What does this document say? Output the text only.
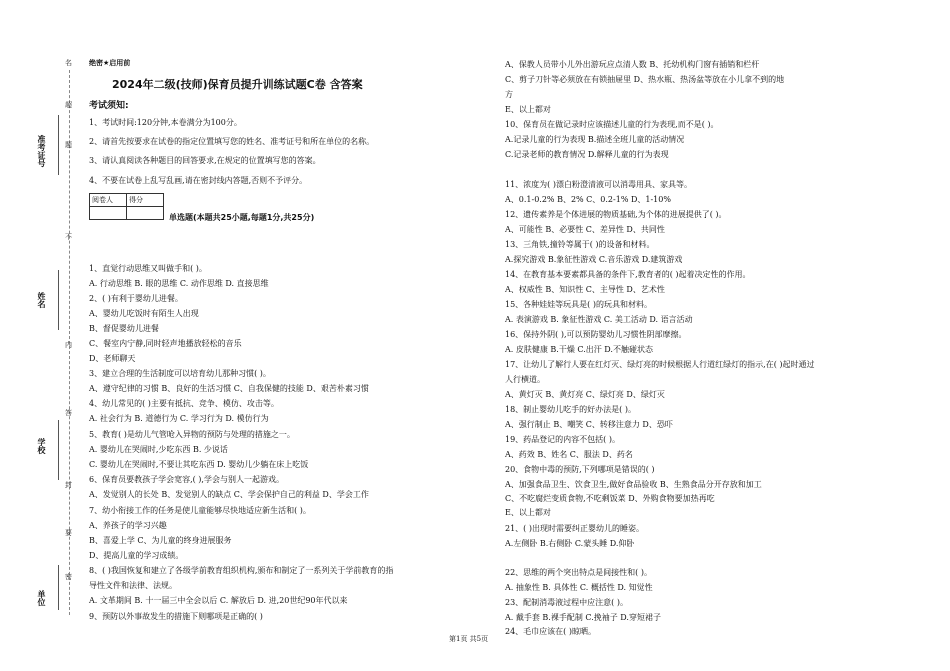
准考证号
姓名
学校
单位
名
超
不
内
封
密
题
答
要
绝密★启用前
2024年二级(技师)保育员提升训练试题C卷 含答案
考试须知:
1、考试时间:120分钟,本卷满分为100分。
2、请首先按要求在试卷的指定位置填写您的姓名、准考证号和所在单位的名称。
3、请认真阅读各种题目的回答要求,在规定的位置填写您的答案。
4、不要在试卷上乱写乱画,请在密封线内答题,否则不予评分。
阅卷人	得分

单选题(本题共25小题,每题1分,共25分)
1、直觉行动思维又叫做手和( )。
A. 行动思维 B. 眼的思维 C. 动作思维 D. 直接思维
2、( )有利于婴幼儿进餐。
A、婴幼儿吃饭时有陌生人出现
B、督促婴幼儿进餐
C、餐室内宁静,同时轻声地播放轻松的音乐
D、老师聊天
3、建立合理的生活制度可以培育幼儿那种习惯( )。
A、遵守纪律的习惯 B、良好的生活习惯 C、自我保健的技能 D、艰苦朴素习惯
4、幼儿常见的( )主要有抵抗、竞争、模仿、攻击等。
A. 社会行为 B. 道德行为 C. 学习行为 D. 模仿行为
5、教育( )是幼儿气管呛入异物的预防与处理的措施之一。
A. 婴幼儿在哭闹时,少吃东西 B. 少说话
C. 婴幼儿在哭闹时,不要让其吃东西 D. 婴幼儿少躺在床上吃饭
6、保育员要教孩子学会宽容,( ),学会与别人一起游戏。
A、发觉别人的长处 B、发觉别人的缺点 C、学会保护自己的利益 D、学会工作
7、幼小衔接工作的任务是使儿童能够尽快地适应新生活和( )。
A、养孩子的学习兴趣
B、喜爱上学 C、为儿童的终身进展服务
D、提高儿童的学习成绩。
8、( )我国恢复和建立了各级学前教育组织机构,颁布和制定了一系列关于学前教育的指
导性文件和法律、法规。
A. 文革期间 B. 十一届三中全会以后 C. 解放后 D. 进,20世纪90年代以来
9、预防以外事故发生的措施下则哪项是正确的( )
A、保教人员带小儿外出游玩应点清人数 B、托幼机构门窗有插销和栏杆
C、剪子刀针等必须放在有锁抽屉里 D、热水瓶、热汤盆等放在小儿拿不到的地
方
E、以上都对
10、保育员在做记录时应该描述儿童的行为表现,而不是( )。
A.记录儿童的行为表现 B.描述全班儿童的活动情况
C.记录老师的教育情况 D.解释儿童的行为表现
11、浓度为( )漂白粉澄清液可以消毒用具、家具等。
A、0.1-0.2% B、2% C、0.2-1% D、1-10%
12、遗传素养是个体进展的物质基础,为个体的进展提供了( )。
A、可能性 B、必要性 C、差异性 D、共同性
13、三角铁,撞铃等属于( )的设备和材料。
A.探究游戏 B.象征性游戏 C.音乐游戏 D.建筑游戏
14、在教育基本要素都具备的条件下,教育者的( )起着决定性的作用。
A、权威性 B、知识性 C、主导性 D、艺术性
15、各种娃娃等玩具是( )的玩具和材料。
A. 表演游戏 B. 象征性游戏 C. 美工活动 D. 语言活动
16、保持外阴( ),可以预防婴幼儿习惯性阴部摩擦。
A. 皮肤健康 B.干燥 C.出汗 D.不触碰状态
17、让幼儿了解行人要在红灯灭、绿灯亮的时候根据人行道红绿灯的指示,在( )起时通过
人行横道。
A、黄灯灭 B、黄灯亮 C、绿灯亮 D、绿灯灭
18、制止婴幼儿吃手的好办法是( )。
A、强行制止 B、嘲笑 C、转移注意力 D、恐吓
19、药品登记的内容不包括( )。
A、药效 B、姓名 C、服法 D、药名
20、食物中毒的预防,下列哪项是错误的( )
A、加强食品卫生、饮食卫生,做好食品验收 B、生熟食品分开存放和加工
C、不吃腐烂变质食物,不吃剩饭菜 D、外购食物要加热再吃
E、以上都对
21、( )出现时需要纠正婴幼儿的睡姿。
A.左侧卧 B.右侧卧 C.蒙头睡 D.仰卧
22、思维的两个突出特点是间接性和( )。
A. 抽象性 B. 具体性 C. 概括性 D. 知觉性
23、配制消毒液过程中应注意( )。
A. 戴手套 B.裸手配制 C.挽袖子 D.穿短裙子
24、毛巾应该在( )晾晒。
第1页 共5页
